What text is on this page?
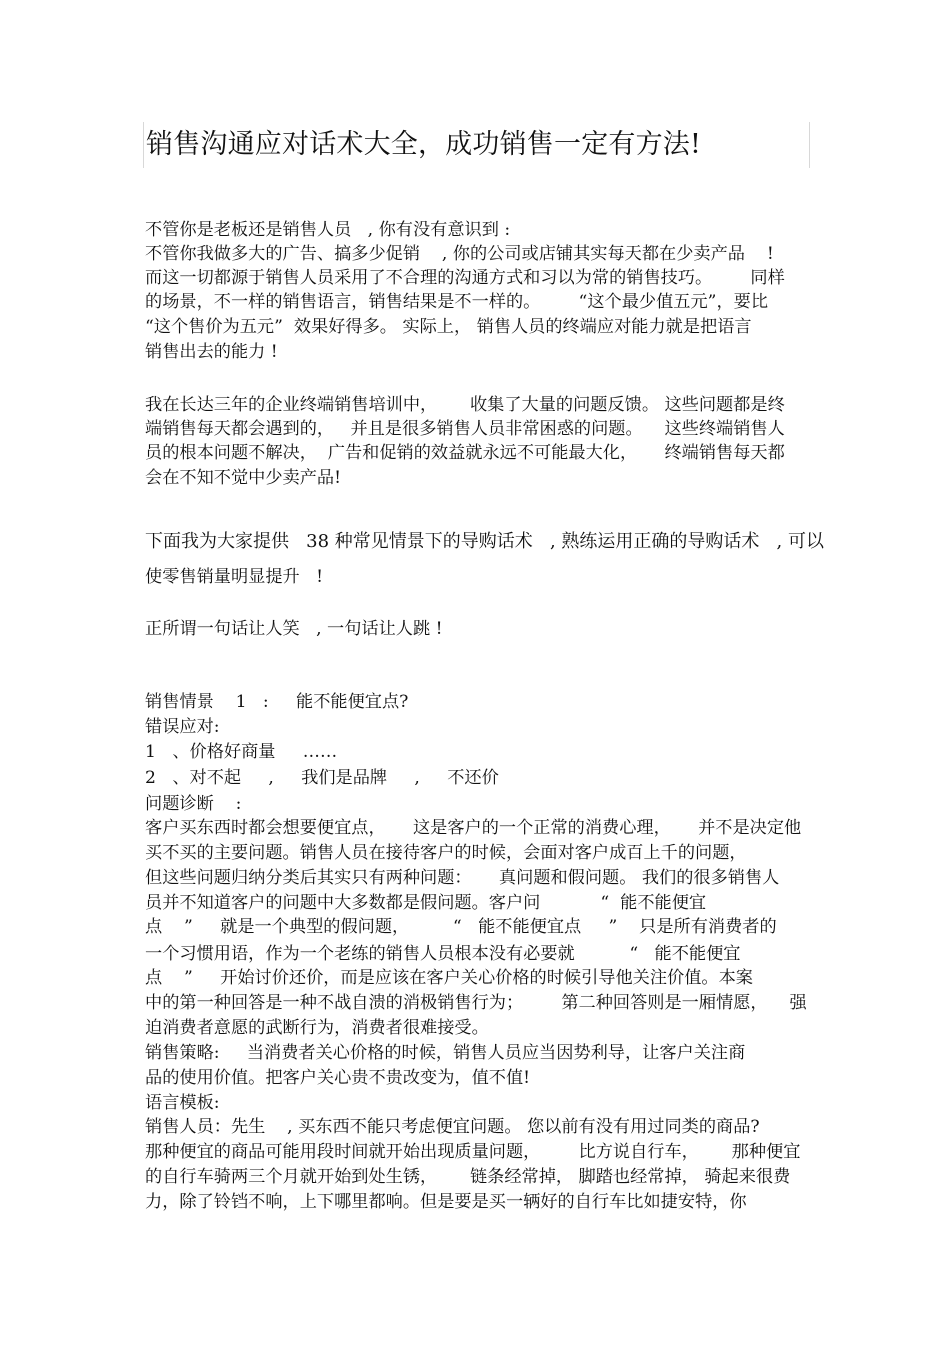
销售沟通应对话术大全，成功销售一定有方法!
不管你是老板还是销售人员   , 你有没有意识到 :
不管你我做多大的广告、搞多少促销    , 你的公司或店铺其实每天都在少卖产品    !
而这一切都源于销售人员采用了不合理的沟通方式和习以为常的销售技巧。       同样
的场景，不一样的销售语言，销售结果是不一样的。       “这个最少值五元”，要比
“这个售价为五元”  效果好得多。 实际上， 销售人员的终端应对能力就是把语言
销售出去的能力 !
我在长达三年的企业终端销售培训中，      收集了大量的问题反馈。 这些问题都是终
端销售每天都会遇到的，   并且是很多销售人员非常困惑的问题。    这些终端销售人
员的根本问题不解决，  广告和促销的效益就永远不可能最大化，     终端销售每天都
会在不知不觉中少卖产品!
下面我为大家提供   38 种常见情景下的导购话术   , 熟练运用正确的导购话术   , 可以
使零售销量明显提升   !
正所谓一句话让人笑   , 一句话让人跳 !
销售情景    1   :     能不能便宜点?
错误应对:
1   、价格好商量     ……
2   、对不起     ,     我们是品牌     ,     不还价
问题诊断    :
客户买东西时都会想要便宜点，     这是客户的一个正常的消费心理，     并不是决定他
买不买的主要问题。销售人员在接待客户的时候，会面对客户成百上千的问题，
但这些问题归纳分类后其实只有两种问题：     真问题和假问题。 我们的很多销售人
员并不知道客户的问题中大多数都是假问题。客户问           “  能不能便宜
点    ”     就是一个典型的假问题，        “   能不能便宜点     ”    只是所有消费者的
一个习惯用语，作为一个老练的销售人员根本没有必要就          “   能不能便宜
点    ”     开始讨价还价，而是应该在客户关心价格的时候引导他关注价值。本案
中的第一种回答是一种不战自溃的消极销售行为；       第二种回答则是一厢情愿，    强
迫消费者意愿的武断行为，消费者很难接受。
销售策略:     当消费者关心价格的时候，销售人员应当因势利导，让客户关注商
品的使用价值。把客户关心贵不贵改变为，值不值!
语言模板:
销售人员：先生    , 买东西不能只考虑便宜问题。 您以前有没有用过同类的商品?
那种便宜的商品可能用段时间就开始出现质量问题，       比方说自行车，      那种便宜
的自行车骑两三个月就开始到处生锈，      链条经常掉， 脚踏也经常掉， 骑起来很费
力，除了铃铛不响，上下哪里都响。但是要是买一辆好的自行车比如捷安特，你
